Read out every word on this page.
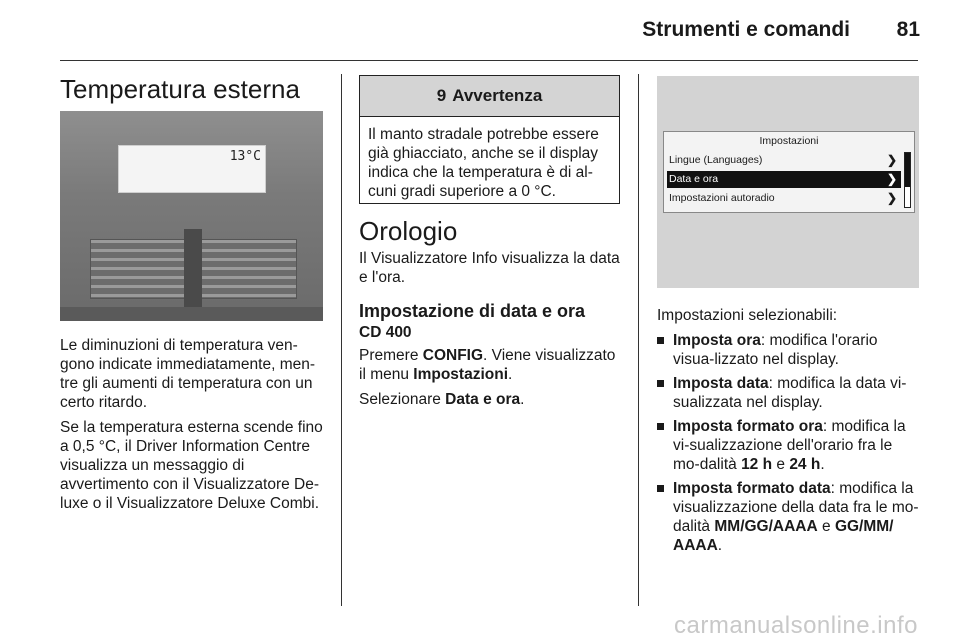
Strumenti e comandi	81
Temperatura esterna
13°C

Le diminuzioni di temperatura ven-gono indicate immediatamente, men-tre gli aumenti di temperatura con un certo ritardo.

Se la temperatura esterna scende fino a 0,5 °C, il Driver Information Centre visualizza un messaggio di avvertimento con il Visualizzatore De-luxe o il Visualizzatore Deluxe Combi.

9 Avvertenza
Il manto stradale potrebbe essere già ghiacciato, anche se il display indica che la temperatura è di al-cuni gradi superiore a 0 °C.
Orologio

Il Visualizzatore Info visualizza la data e l'ora.

Impostazione di data e ora

CD 400

Premere CONFIG. Viene visualizzato il menu Impostazioni.

Selezionare Data e ora.

Impostazioni
Lingue (Languages)	❯
Data e ora	❯
Impostazioni autoradio	❯

Impostazioni selezionabili:

Imposta ora: modifica l'orario visua-lizzato nel display.
Imposta data: modifica la data vi-sualizzata nel display.
Imposta formato ora: modifica la vi-sualizzazione dell'orario fra le mo-dalità 12 h e 24 h.
Imposta formato data: modifica la visualizzazione della data fra le mo-dalità MM/GG/AAAA e GG/MM/ AAAA.
carmanualsonline.info
